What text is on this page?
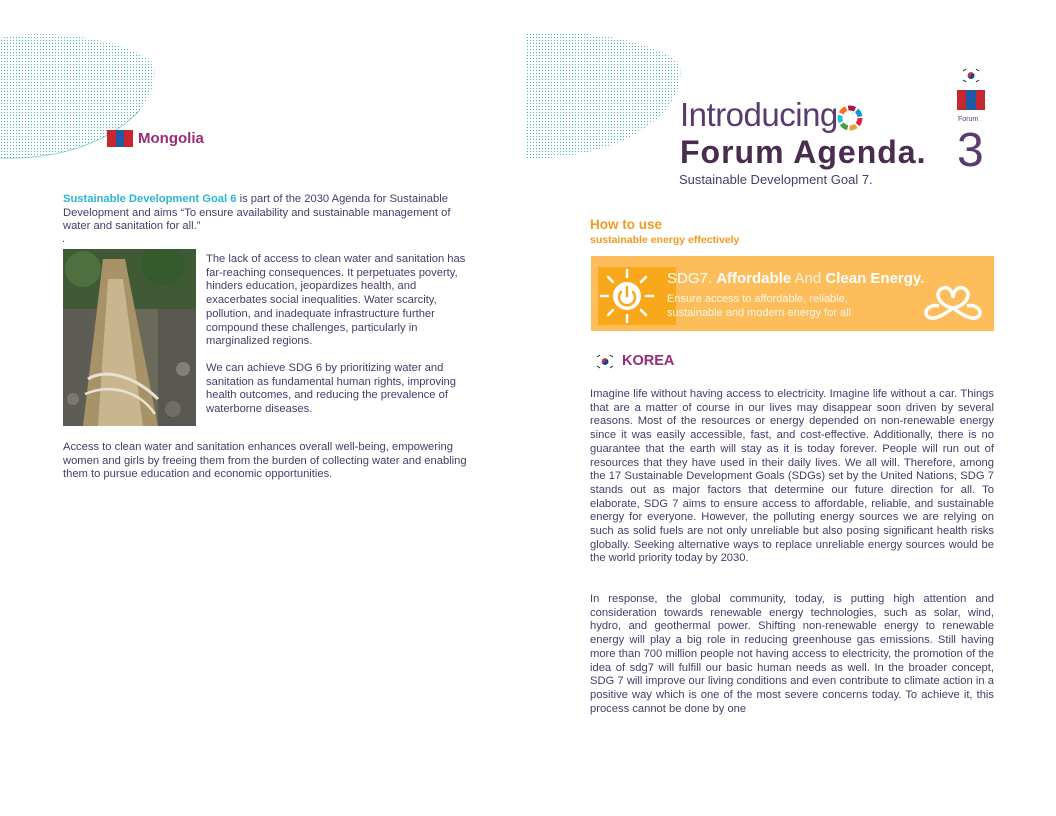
Mongolia
Sustainable Development Goal 6 is part of the 2030 Agenda for Sustainable Development and aims “To ensure availability and sustainable management of water and sanitation for all.”
.
The lack of access to clean water and sanitation has far-reaching consequences. It perpetuates poverty, hinders education, jeopardizes health, and exacerbates social inequalities. Water scarcity, pollution, and inadequate infrastructure further compound these challenges, particularly in marginalized regions.
We can achieve SDG 6 by prioritizing water and sanitation as fundamental human rights, improving health outcomes, and reducing the prevalence of waterborne diseases.
Access to clean water and sanitation enhances overall well-being, empowering women and girls by freeing them from the burden of collecting water and enabling them to pursue education and economic opportunities.
Forum
Introducing
Forum Agenda. 3
Sustainable Development Goal 7.
How to use
sustainable energy effectively
SDG7. Affordable And Clean Energy.
Ensure access to affordable, reliable,
sustainable and modern energy for all
KOREA
Imagine life without having access to electricity. Imagine life without a car. Things that are a matter of course in our lives may disappear soon driven by several reasons. Most of the resources or energy depended on non-renewable energy since it was easily accessible, fast, and cost-effective. Additionally, there is no guarantee that the earth will stay as it is today forever. People will run out of resources that they have used in their daily lives. We all will. Therefore, among the 17 Sustainable Development Goals (SDGs) set by the United Nations, SDG 7 stands out as major factors that determine our future direction for all. To elaborate, SDG 7 aims to ensure access to affordable, reliable, and sustainable energy for everyone. However, the polluting energy sources we are relying on such as solid fuels are not only unreliable but also posing significant health risks globally. Seeking alternative ways to replace unreliable energy sources would be the world priority today by 2030.
In response, the global community, today, is putting high attention and consideration towards renewable energy technologies, such as solar, wind, hydro, and geothermal power. Shifting non-renewable energy to renewable energy will play a big role in reducing greenhouse gas emissions. Still having more than 700 million people not having access to electricity, the promotion of the idea of sdg7 will fulfill our basic human needs as well. In the broader concept, SDG 7 will improve our living conditions and even contribute to climate action in a positive way which is one of the most severe concerns today. To achieve it, this process cannot be done by one
